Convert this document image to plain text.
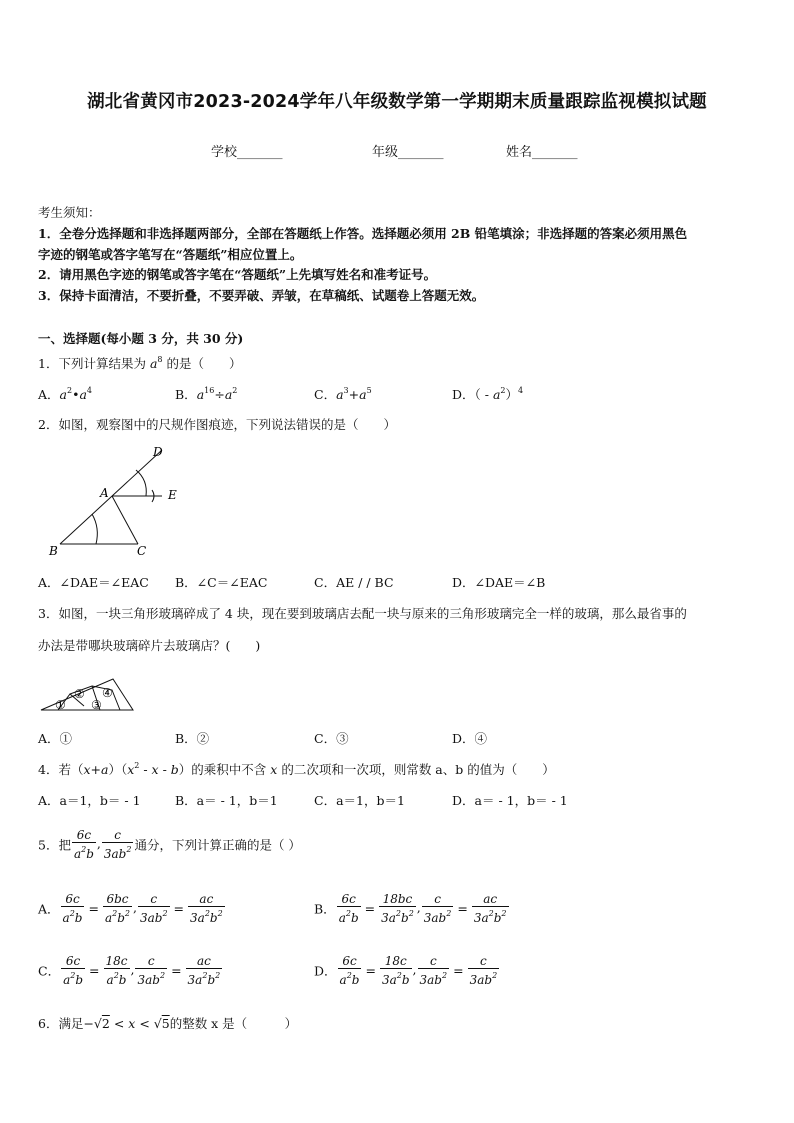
湖北省黄冈市2023-2024学年八年级数学第一学期期末质量跟踪监视模拟试题
学校_______	年级_______	姓名_______
考生须知：
1．全卷分选择题和非选择题两部分，全部在答题纸上作答。选择题必须用 2B 铅笔填涂；非选择题的答案必须用黑色
字迹的钢笔或答字笔写在“答题纸”相应位置上。
2．请用黑色字迹的钢笔或答字笔在“答题纸”上先填写姓名和准考证号。
3．保持卡面清洁，不要折叠，不要弄破、弄皱，在草稿纸、试题卷上答题无效。
一、选择题(每小题 3 分，共 30 分)
1．下列计算结果为 $a^8$ 的是（　　）
A．$a^2•a^4$	B．$a^{16}\div a^2$	C．$a^3+a^5$	D．（ - $a^2)^4$
2．如图，观察图中的尺规作图痕迹，下列说法错误的是（　　）
D
A	E
B	C
A．∠DAE＝∠EAC B．∠C＝∠EAC	C．AE / / BC	D．∠DAE＝∠B
3．如图，一块三角形玻璃碎成了 4 块，现在要到玻璃店去配一块与原来的三角形玻璃完全一样的玻璃，那么最省事的
办法是带哪块玻璃碎片去玻璃店？(　　)
①
②
③
④
A．①	B．②	C．③	D．④
4．若$(x+a)(x^2 - x - b)$的乘积中不含 x 的二次项和一次项，则常数 a、b 的值为（　　）
A．a＝1，b＝ - 1	B．a＝ - 1，b＝1	C．a＝1，b＝1	D．a＝ - 1，b＝ - 1
5．把 $\frac{6c}{a^2b}$ , $\frac{c}{3ab^2}$ 通分，下列计算正确的是（ ）
A． $\frac{6c}{a^2b} = \frac{6bc}{a^2b^2}$ , $\frac{c}{3ab^2} = \frac{ac}{3a^2b^2}$	B． $\frac{6c}{a^2b} = \frac{18bc}{3a^2b^2}$ , $\frac{c}{3ab^2} = \frac{ac}{3a^2b^2}$
C． $\frac{6c}{a^2b} = \frac{18c}{a^2b}$ , $\frac{c}{3ab^2} = \frac{ac}{3a^2b^2}$	D． $\frac{6c}{a^2b} = \frac{18c}{3a^2b}$ , $\frac{c}{3ab^2} = \frac{c}{3ab^2}$
6．满足−√2 < x < √5的整数 x 是（　　　）
